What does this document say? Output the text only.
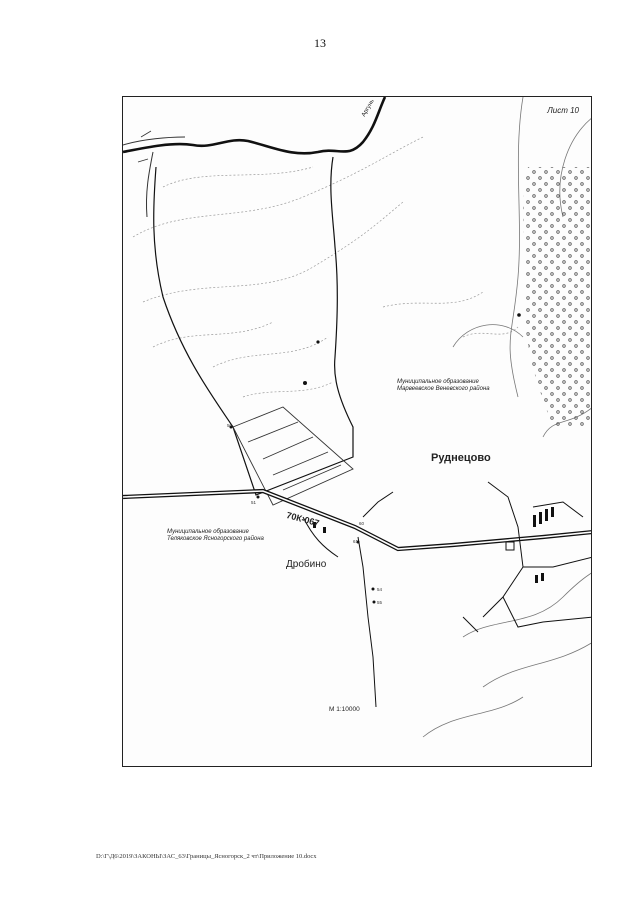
13
Лист 10
Аргунь
Муниципальное образование Марвеевское Веневского района
Муниципальное образование Теляковское Ясногорского района
Руднецово
Дробино
70К-067
М 1:10000
50
51
60
61
54
55
D:\Г\Д6\2019\ЗАКОНЫ\ЗАС_63\Границы_Ясногорск_2 чт\Приложение 10.docx
